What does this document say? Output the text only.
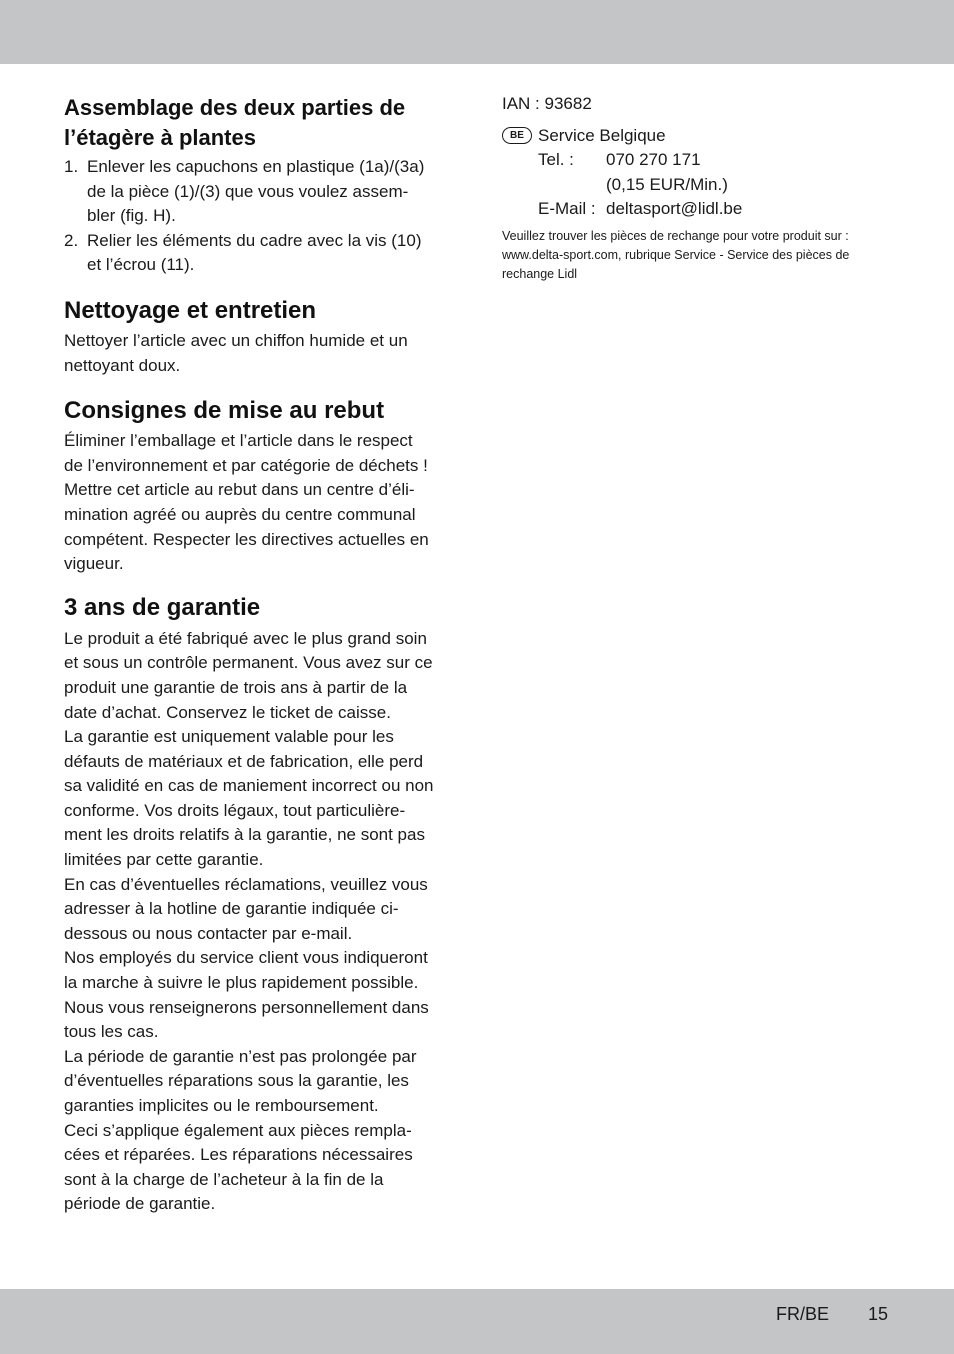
Assemblage des deux parties de
l’étagère à plantes
1. Enlever les capuchons en plastique (1a)/(3a)
de la pièce (1)/(3) que vous voulez assem-
bler (fig. H).
2. Relier les éléments du cadre avec la vis (10)
et l’écrou (11).
Nettoyage et entretien

Nettoyer l’article avec un chiffon humide et un
nettoyant doux.

Consignes de mise au rebut

Éliminer l’emballage et l’article dans le respect
de l’environnement et par catégorie de déchets !
Mettre cet article au rebut dans un centre d’éli-
mination agréé ou auprès du centre communal
compétent. Respecter les directives actuelles en
vigueur.

3 ans de garantie

Le produit a été fabriqué avec le plus grand soin
et sous un contrôle permanent. Vous avez sur ce
produit une garantie de trois ans à partir de la
date d’achat. Conservez le ticket de caisse.
La garantie est uniquement valable pour les
défauts de matériaux et de fabrication, elle perd
sa validité en cas de maniement incorrect ou non
conforme. Vos droits légaux, tout particulière-
ment les droits relatifs à la garantie, ne sont pas
limitées par cette garantie.
En cas d’éventuelles réclamations, veuillez vous
adresser à la hotline de garantie indiquée ci-
dessous ou nous contacter par e-mail.
Nos employés du service client vous indiqueront
la marche à suivre le plus rapidement possible.
Nous vous renseignerons personnellement dans
tous les cas.
La période de garantie n’est pas prolongée par
d’éventuelles réparations sous la garantie, les
garanties implicites ou le remboursement.
Ceci s’applique également aux pièces rempla-
cées et réparées. Les réparations nécessaires
sont à la charge de l’acheteur à la fin de la
période de garantie.

IAN : 93682
BE Service Belgique
Tel. : 070 270 171
(0,15 EUR/Min.)
E-Mail : deltasport@lidl.be

Veuillez trouver les pièces de rechange pour votre produit sur :
www.delta-sport.com, rubrique Service - Service des pièces de
rechange Lidl

FR/BE 15
